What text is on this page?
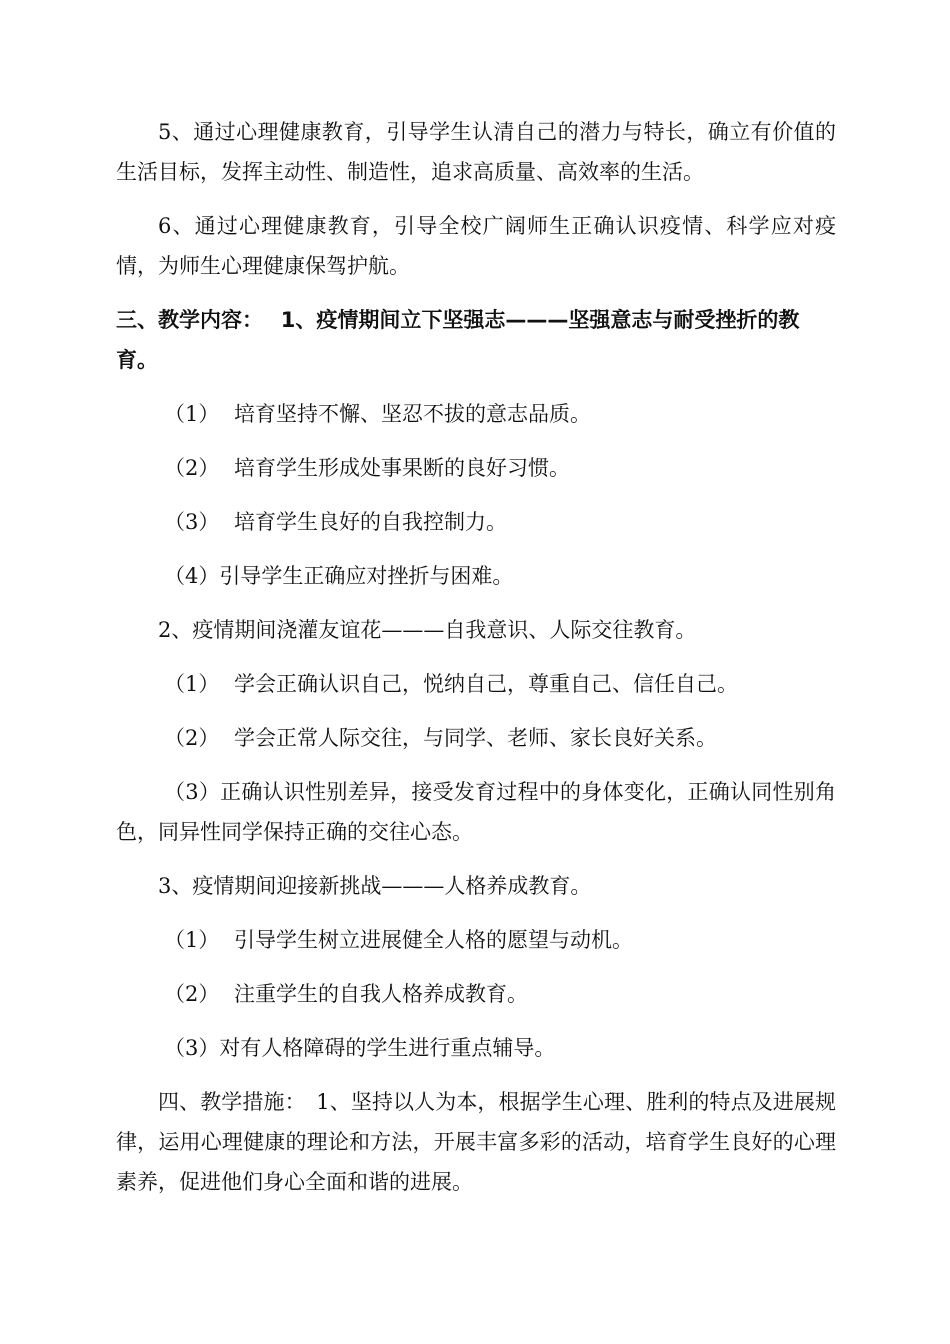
5、通过心理健康教育，引导学生认清自己的潜力与特长，确立有价值的生活目标，发挥主动性、制造性，追求高质量、高效率的生活。

6、通过心理健康教育，引导全校广阔师生正确认识疫情、科学应对疫情，为师生心理健康保驾护航。

三、教学内容：　 1、疫情期间立下坚强志———坚强意志与耐受挫折的教育。

（1） 培育坚持不懈、坚忍不拔的意志品质。

（2） 培育学生形成处事果断的良好习惯。

（3） 培育学生良好的自我控制力。

（4）引导学生正确应对挫折与困难。

2、疫情期间浇灌友谊花———自我意识、人际交往教育。

（1） 学会正确认识自己，悦纳自己，尊重自己、信任自己。

（2） 学会正常人际交往，与同学、老师、家长良好关系。

（3）正确认识性别差异，接受发育过程中的身体变化，正确认同性别角色，同异性同学保持正确的交往心态。

3、疫情期间迎接新挑战———人格养成教育。

（1） 引导学生树立进展健全人格的愿望与动机。

（2） 注重学生的自我人格养成教育。

（3）对有人格障碍的学生进行重点辅导。

四、教学措施：　1、坚持以人为本，根据学生心理、胜利的特点及进展规律，运用心理健康的理论和方法，开展丰富多彩的活动，培育学生良好的心理素养，促进他们身心全面和谐的进展。
